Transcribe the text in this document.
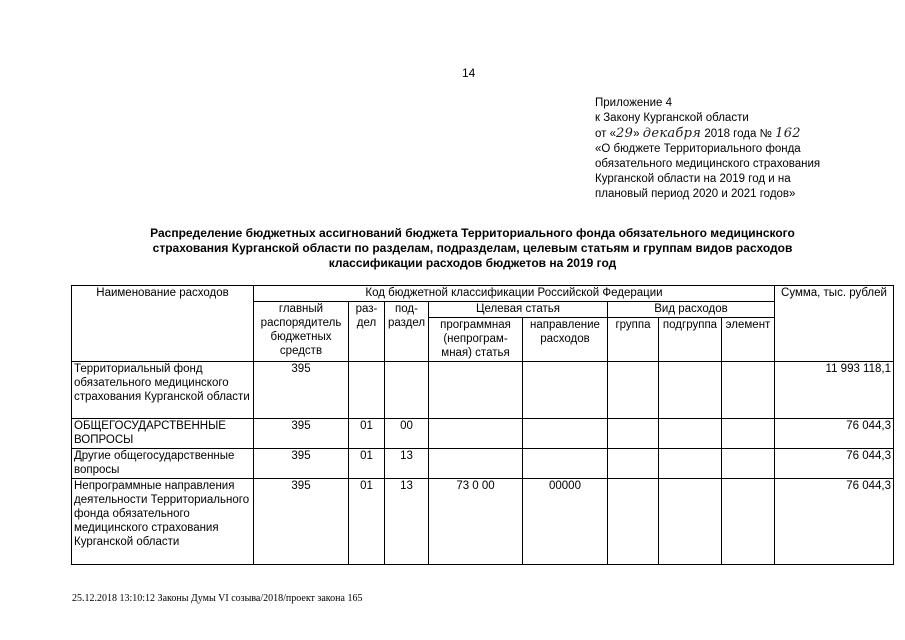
14
Приложение 4
к Закону Курганской области
от «29» декабря 2018 года № 162
«О бюджете Территориального фонда
обязательного медицинского страхования
Курганской области на 2019 год и на
плановый период 2020 и 2021 годов»
Распределение бюджетных ассигнований бюджета Территориального фонда обязательного медицинского
страхования Курганской области по разделам, подразделам, целевым статьям и группам видов расходов
классификации расходов бюджетов на 2019 год
Наименование расходов	Код бюджетной классификации Российской Федерации								Сумма, тыс. рублей
	главный распорядитель бюджетных средств	раз-дел	под-раздел	Целевая статья		Вид расходов			
				программная (непрограм-мная) статья	направление расходов	группа	подгруппа	элемент	
Территориальный фонд обязательного медицинского страхования Курганской области	395								11 993 118,1
ОБЩЕГОСУДАРСТВЕННЫЕ ВОПРОСЫ	395	01	00						76 044,3
Другие общегосударственные вопросы	395	01	13						76 044,3
Непрограммные направления деятельности Территориального фонда обязательного медицинского страхования Курганской области	395	01	13	73 0 00	00000				76 044,3
25.12.2018 13:10:12 Законы Думы VI созыва/2018/проект закона 165
